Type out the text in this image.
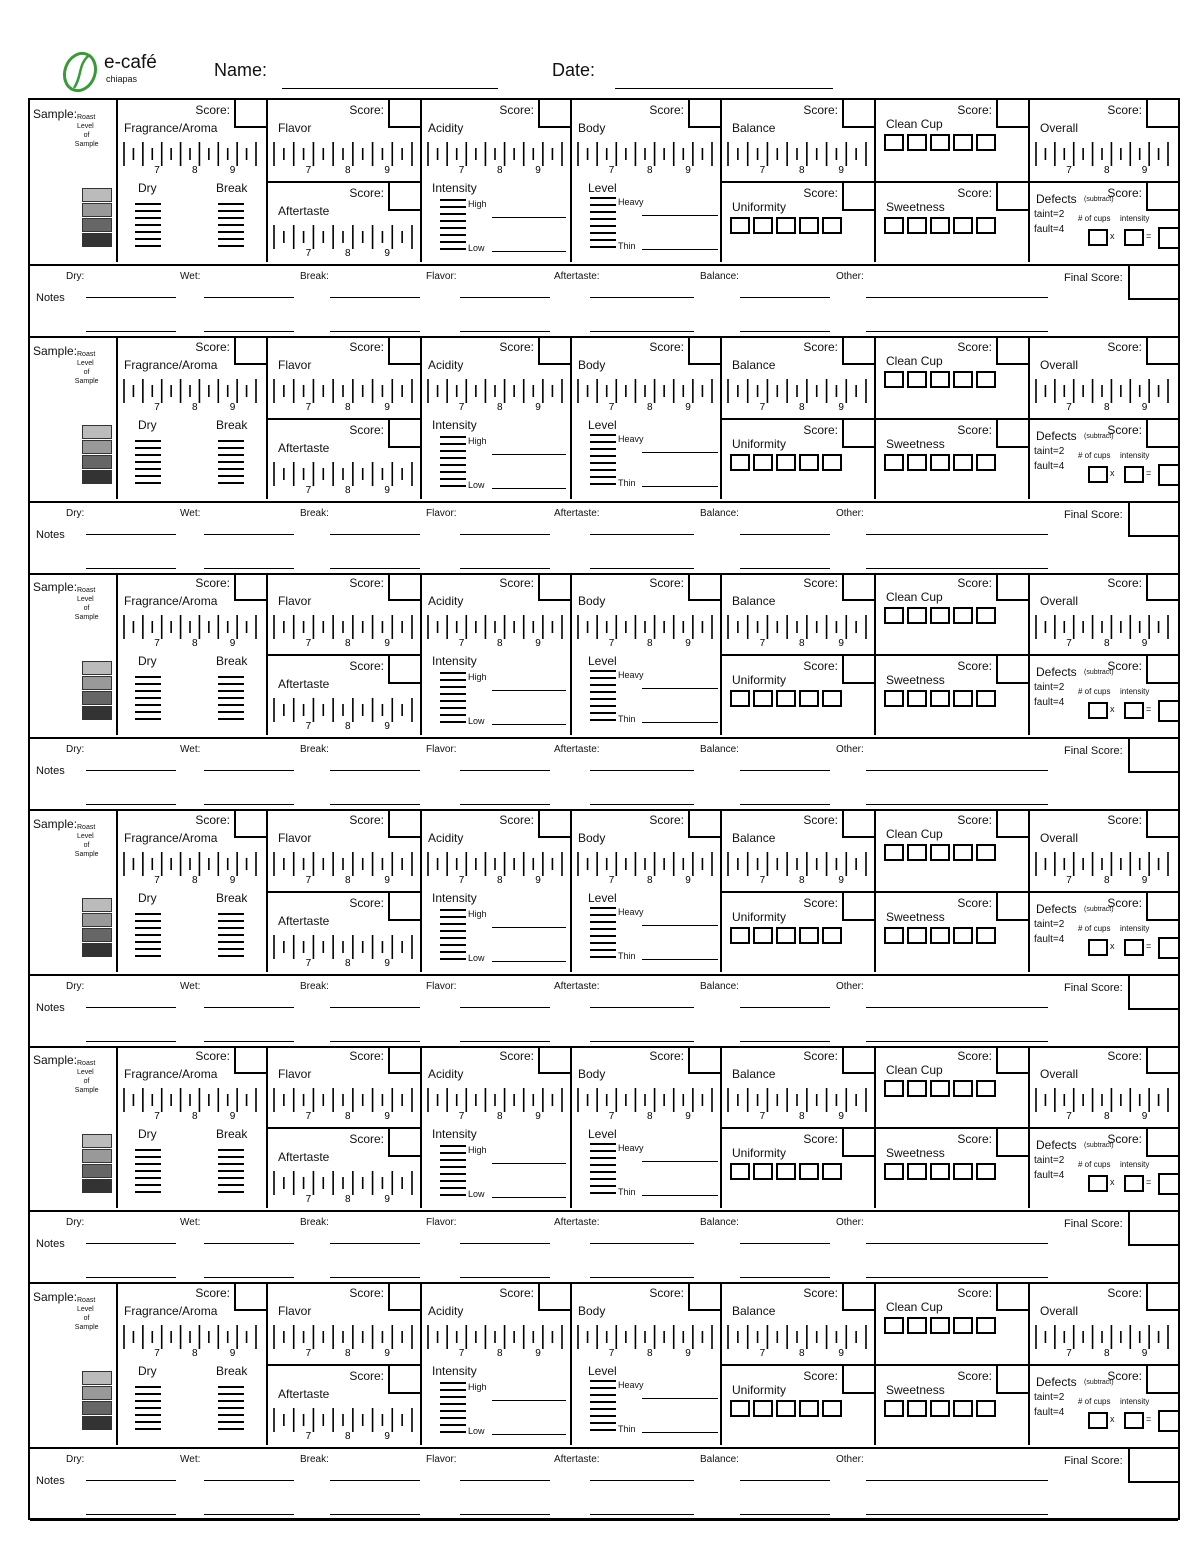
e-café
chiapas	Name:	Date:
Sample: Roast
Level
of
Sample
Score:
Fragrance/Aroma
7	8	9
Dry	Break
Score:
Flavor
7	8	9
Score:
Aftertaste
7	8	9
Score:
Acidity
7	8	9
Intensity
High
Low
Score:
Body
7	8	9
Level
Heavy
Thin
Score:
Balance
7	8	9
Score:
Uniformity
Score:
Clean Cup
Score:
Sweetness
Score:
Overall
7	8	9
Score:
Defects (subtract)
taint=2
fault=4
# of cups intensity
x	=
Dry:	Wet:	Break:	Flavor:	Aftertaste:	Balance:	Other:
Notes
Final Score:
Sample: Roast
Level
of
Sample
Score:
Fragrance/Aroma
7	8	9
Dry	Break
Score:
Flavor
7	8	9
Score:
Aftertaste
7	8	9
Score:
Acidity
7	8	9
Intensity
High
Low
Score:
Body
7	8	9
Level
Heavy
Thin
Score:
Balance
7	8	9
Score:
Uniformity
Score:
Clean Cup
Score:
Sweetness
Score:
Overall
7	8	9
Score:
Defects (subtract)
taint=2
fault=4
# of cups intensity
x	=
Dry:	Wet:	Break:	Flavor:	Aftertaste:	Balance:	Other:
Notes
Final Score:
Sample: Roast
Level
of
Sample
Score:
Fragrance/Aroma
7	8	9
Dry	Break
Score:
Flavor
7	8	9
Score:
Aftertaste
7	8	9
Score:
Acidity
7	8	9
Intensity
High
Low
Score:
Body
7	8	9
Level
Heavy
Thin
Score:
Balance
7	8	9
Score:
Uniformity
Score:
Clean Cup
Score:
Sweetness
Score:
Overall
7	8	9
Score:
Defects (subtract)
taint=2
fault=4
# of cups intensity
x	=
Dry:	Wet:	Break:	Flavor:	Aftertaste:	Balance:	Other:
Notes
Final Score:
Sample: Roast
Level
of
Sample
Score:
Fragrance/Aroma
7	8	9
Dry	Break
Score:
Flavor
7	8	9
Score:
Aftertaste
7	8	9
Score:
Acidity
7	8	9
Intensity
High
Low
Score:
Body
7	8	9
Level
Heavy
Thin
Score:
Balance
7	8	9
Score:
Uniformity
Score:
Clean Cup
Score:
Sweetness
Score:
Overall
7	8	9
Score:
Defects (subtract)
taint=2
fault=4
# of cups intensity
x	=
Dry:	Wet:	Break:	Flavor:	Aftertaste:	Balance:	Other:
Notes
Final Score:
Sample: Roast
Level
of
Sample
Score:
Fragrance/Aroma
7	8	9
Dry	Break
Score:
Flavor
7	8	9
Score:
Aftertaste
7	8	9
Score:
Acidity
7	8	9
Intensity
High
Low
Score:
Body
7	8	9
Level
Heavy
Thin
Score:
Balance
7	8	9
Score:
Uniformity
Score:
Clean Cup
Score:
Sweetness
Score:
Overall
7	8	9
Score:
Defects (subtract)
taint=2
fault=4
# of cups intensity
x	=
Dry:	Wet:	Break:	Flavor:	Aftertaste:	Balance:	Other:
Notes
Final Score:
Sample: Roast
Level
of
Sample
Score:
Fragrance/Aroma
7	8	9
Dry	Break
Score:
Flavor
7	8	9
Score:
Aftertaste
7	8	9
Score:
Acidity
7	8	9
Intensity
High
Low
Score:
Body
7	8	9
Level
Heavy
Thin
Score:
Balance
7	8	9
Score:
Uniformity
Score:
Clean Cup
Score:
Sweetness
Score:
Overall
7	8	9
Score:
Defects (subtract)
taint=2
fault=4
# of cups intensity
x	=
Dry:	Wet:	Break:	Flavor:	Aftertaste:	Balance:	Other:
Notes
Final Score:
